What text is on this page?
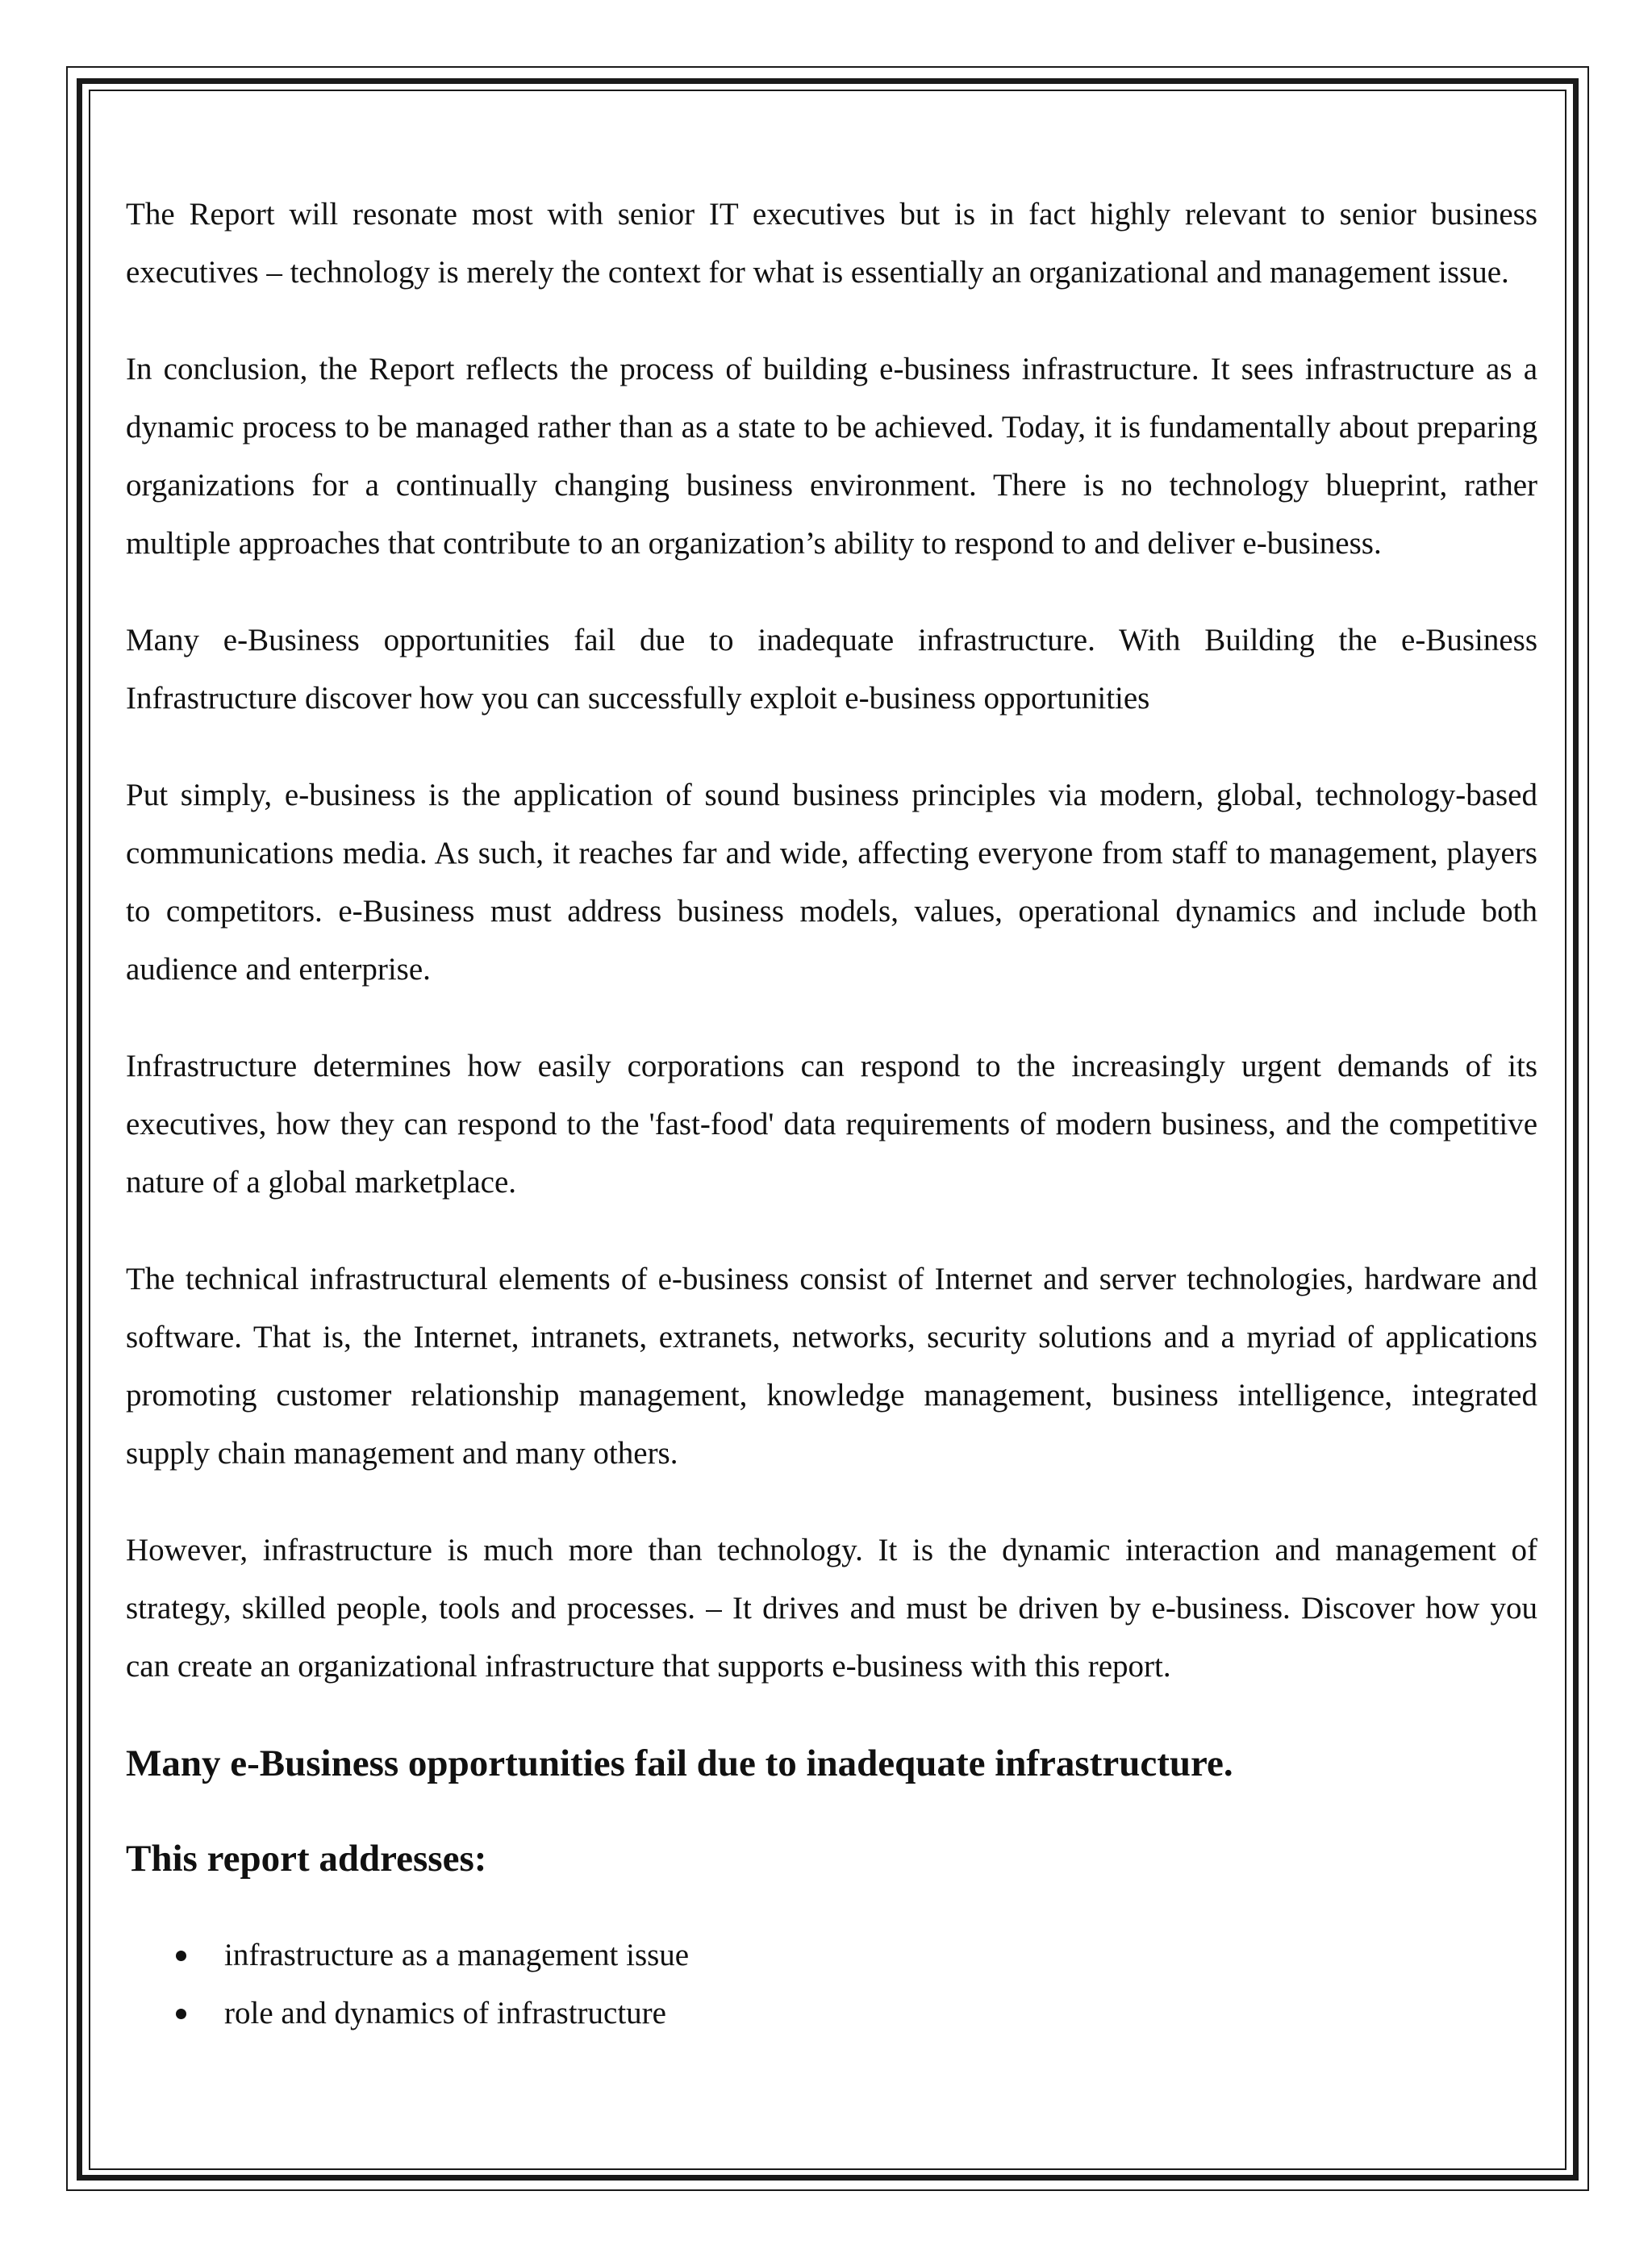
The Report will resonate most with senior IT executives but is in fact highly relevant to senior business executives – technology is merely the context for what is essentially an organizational and management issue.

In conclusion, the Report reflects the process of building e-business infrastructure. It sees infrastructure as a dynamic process to be managed rather than as a state to be achieved. Today, it is fundamentally about preparing organizations for a continually changing business environment. There is no technology blueprint, rather multiple approaches that contribute to an organization’s ability to respond to and deliver e-business.

Many e-Business opportunities fail due to inadequate infrastructure. With Building the e-Business Infrastructure discover how you can successfully exploit e-business opportunities

Put simply, e-business is the application of sound business principles via modern, global, technology-based communications media. As such, it reaches far and wide, affecting everyone from staff to management, players to competitors. e-Business must address business models, values, operational dynamics and include both audience and enterprise.

Infrastructure determines how easily corporations can respond to the increasingly urgent demands of its executives, how they can respond to the 'fast-food' data requirements of modern business, and the competitive nature of a global marketplace.

The technical infrastructural elements of e-business consist of Internet and server technologies, hardware and software. That is, the Internet, intranets, extranets, networks, security solutions and a myriad of applications promoting customer relationship management, knowledge management, business intelligence, integrated supply chain management and many others.

However, infrastructure is much more than technology. It is the dynamic interaction and management of strategy, skilled people, tools and processes. – It drives and must be driven by e-business. Discover how you can create an organizational infrastructure that supports e-business with this report.

Many e-Business opportunities fail due to inadequate infrastructure.
This report addresses:
infrastructure as a management issue
role and dynamics of infrastructure
